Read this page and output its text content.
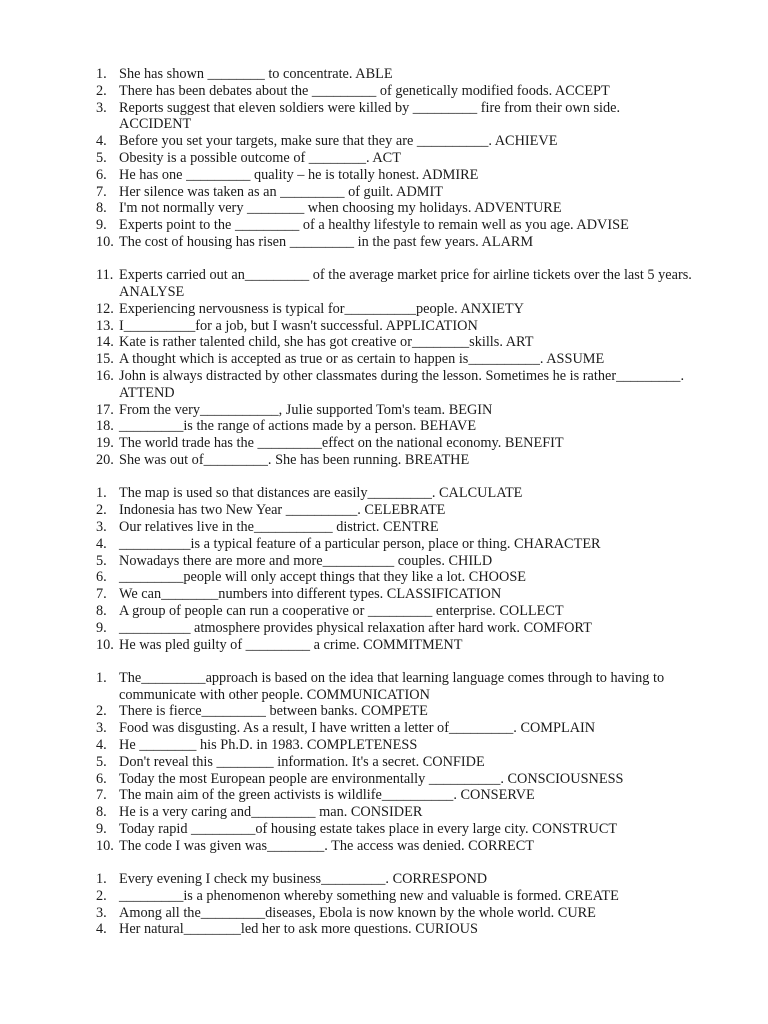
1. She has shown ________ to concentrate. ABLE
2. There has been debates about the _________ of genetically modified foods. ACCEPT
3. Reports suggest that eleven soldiers were killed by _________ fire from their own side. ACCIDENT
4. Before you set your targets, make sure that they are __________. ACHIEVE
5. Obesity is a possible outcome of ________. ACT
6. He has one _________ quality – he is totally honest. ADMIRE
7. Her silence was taken as an _________ of guilt. ADMIT
8. I'm not normally very ________ when choosing my holidays. ADVENTURE
9. Experts point to the _________ of a healthy lifestyle to remain well as you age. ADVISE
10. The cost of housing has risen _________ in the past few years. ALARM
11. Experts carried out an_________ of the average market price for airline tickets over the last 5 years. ANALYSE
12. Experiencing nervousness is typical for__________people. ANXIETY
13. I__________for a job, but I wasn't successful. APPLICATION
14. Kate is rather talented child, she has got creative or________skills. ART
15. A thought which is accepted as true or as certain to happen is__________. ASSUME
16. John is always distracted by other classmates during the lesson. Sometimes he is rather_________. ATTEND
17. From the very___________, Julie supported Tom's team. BEGIN
18. _________is the range of actions made by a person. BEHAVE
19. The world trade has the _________effect on the national economy. BENEFIT
20. She was out of_________. She has been running. BREATHE
1. The map is used so that distances are easily_________. CALCULATE
2. Indonesia has two New Year __________. CELEBRATE
3. Our relatives live in the___________ district. CENTRE
4. __________is a typical feature of a particular person, place or thing. CHARACTER
5. Nowadays there are more and more__________ couples. CHILD
6. _________people will only accept things that they like a lot. CHOOSE
7. We can________numbers into different types. CLASSIFICATION
8. A group of people can run a cooperative or _________ enterprise. COLLECT
9. __________ atmosphere provides physical relaxation after hard work. COMFORT
10. He was pled guilty of _________ a crime. COMMITMENT
1. The_________approach is based on the idea that learning language comes through to having to communicate with other people. COMMUNICATION
2. There is fierce_________ between banks. COMPETE
3. Food was disgusting. As a result, I have written a letter of_________. COMPLAIN
4. He ________ his Ph.D. in 1983. COMPLETENESS
5. Don't reveal this ________ information. It's a secret. CONFIDE
6. Today the most European people are environmentally __________. CONSCIOUSNESS
7. The main aim of the green activists is wildlife__________. CONSERVE
8. He is a very caring and_________ man. CONSIDER
9. Today rapid _________of housing estate takes place in every large city. CONSTRUCT
10. The code I was given was________. The access was denied. CORRECT
1. Every evening I check my business_________. CORRESPOND
2. _________is a phenomenon whereby something new and valuable is formed. CREATE
3. Among all the_________diseases, Ebola is now known by the whole world. CURE
4. Her natural________led her to ask more questions. CURIOUS
